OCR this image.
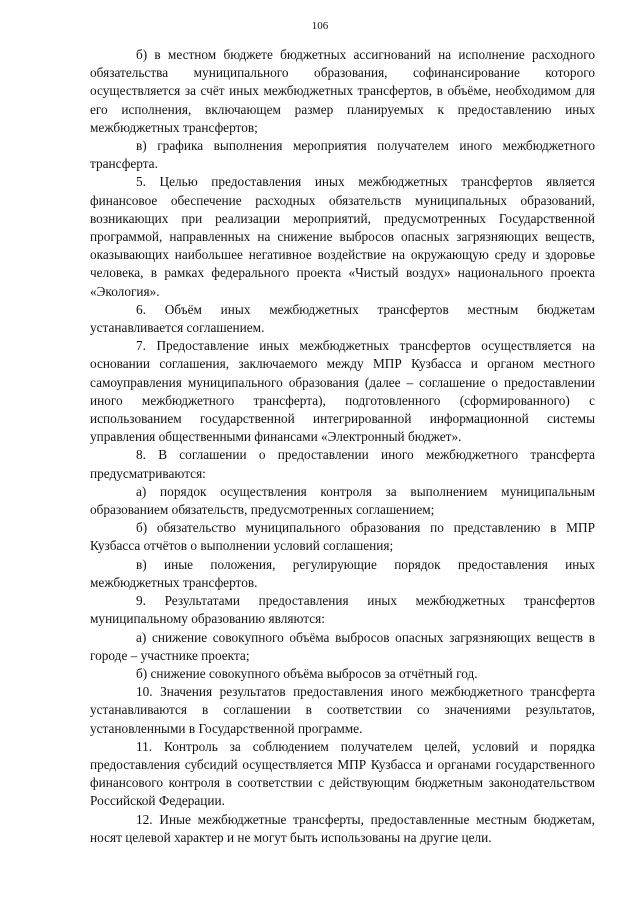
106

б) в местном бюджете бюджетных ассигнований на исполнение расходного обязательства муниципального образования, софинансирование которого осуществляется за счёт иных межбюджетных трансфертов, в объёме, необходимом для его исполнения, включающем размер планируемых к предоставлению иных межбюджетных трансфертов;

в) графика выполнения мероприятия получателем иного межбюджетного трансферта.

5. Целью предоставления иных межбюджетных трансфертов является финансовое обеспечение расходных обязательств муниципальных образований, возникающих при реализации мероприятий, предусмотренных Государственной программой, направленных на снижение выбросов опасных загрязняющих веществ, оказывающих наибольшее негативное воздействие на окружающую среду и здоровье человека, в рамках федерального проекта «Чистый воздух» национального проекта «Экология».

6. Объём иных межбюджетных трансфертов местным бюджетам устанавливается соглашением.

7. Предоставление иных межбюджетных трансфертов осуществляется на основании соглашения, заключаемого между МПР Кузбасса и органом местного самоуправления муниципального образования (далее – соглашение о предоставлении иного межбюджетного трансферта), подготовленного (сформированного) с использованием государственной интегрированной информационной системы управления общественными финансами «Электронный бюджет».

8. В соглашении о предоставлении иного межбюджетного трансферта предусматриваются:

а) порядок осуществления контроля за выполнением муниципальным образованием обязательств, предусмотренных соглашением;

б) обязательство муниципального образования по представлению в МПР Кузбасса отчётов о выполнении условий соглашения;

в) иные положения, регулирующие порядок предоставления иных межбюджетных трансфертов.

9. Результатами предоставления иных межбюджетных трансфертов муниципальному образованию являются:

а) снижение совокупного объёма выбросов опасных загрязняющих веществ в городе – участнике проекта;

б) снижение совокупного объёма выбросов за отчётный год.

10. Значения результатов предоставления иного межбюджетного трансферта устанавливаются в соглашении в соответствии со значениями результатов, установленными в Государственной программе.

11. Контроль за соблюдением получателем целей, условий и порядка предоставления субсидий осуществляется МПР Кузбасса и органами государственного финансового контроля в соответствии с действующим бюджетным законодательством Российской Федерации.

12. Иные межбюджетные трансферты, предоставленные местным бюджетам, носят целевой характер и не могут быть использованы на другие цели.
